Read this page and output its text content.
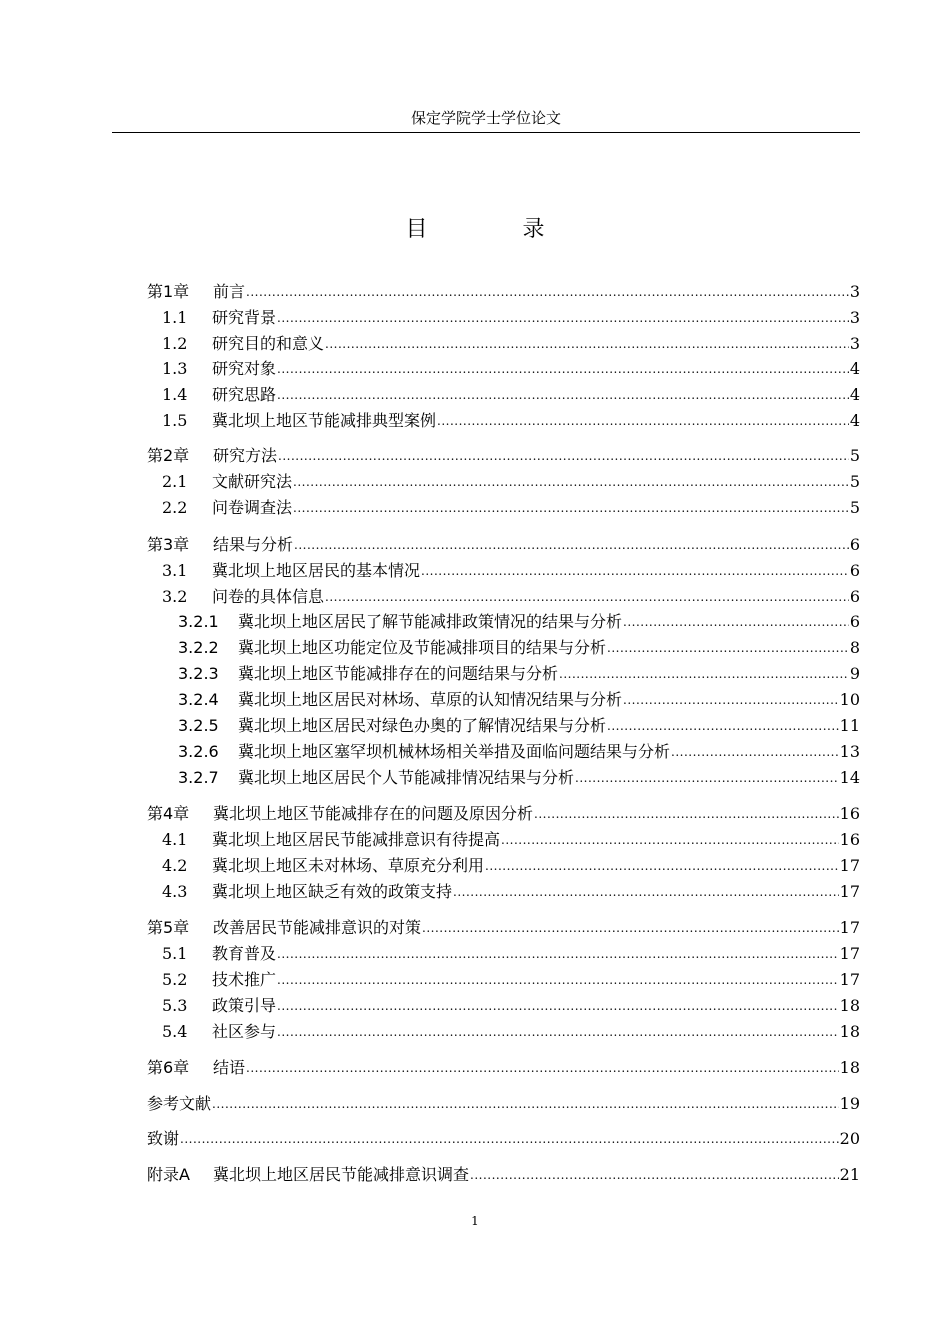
保定学院学士学位论文
目 录
第1章	前言 .....	3
1.1	研究背景 .....	3
1.2	研究目的和意义 .....	3
1.3	研究对象 .....	4
1.4	研究思路 .....	4
1.5	冀北坝上地区节能减排典型案例 .....	4
第2章	研究方法 .....	5
2.1	文献研究法 .....	5
2.2	问卷调查法 .....	5
第3章	结果与分析 .....	6
3.1	冀北坝上地区居民的基本情况 .....	6
3.2	问卷的具体信息 .....	6
3.2.1	冀北坝上地区居民了解节能减排政策情况的结果与分析 .....	6
3.2.2	冀北坝上地区功能定位及节能减排项目的结果与分析 .....	8
3.2.3	冀北坝上地区节能减排存在的问题结果与分析 .....	9
3.2.4	冀北坝上地区居民对林场、草原的认知情况结果与分析 .....	10
3.2.5	冀北坝上地区居民对绿色办奥的了解情况结果与分析 .....	11
3.2.6	冀北坝上地区塞罕坝机械林场相关举措及面临问题结果与分析 .....	13
3.2.7	冀北坝上地区居民个人节能减排情况结果与分析 .....	14
第4章	冀北坝上地区节能减排存在的问题及原因分析 .....	16
4.1	冀北坝上地区居民节能减排意识有待提高 .....	16
4.2	冀北坝上地区未对林场、草原充分利用 .....	17
4.3	冀北坝上地区缺乏有效的政策支持 .....	17
第5章	改善居民节能减排意识的对策 .....	17
5.1	教育普及 .....	17
5.2	技术推广 .....	17
5.3	政策引导 .....	18
5.4	社区参与 .....	18
第6章	结语 .....	18
参考文献 .....	19
致谢 .....	20
附录A	冀北坝上地区居民节能减排意识调查 .....	21
1
